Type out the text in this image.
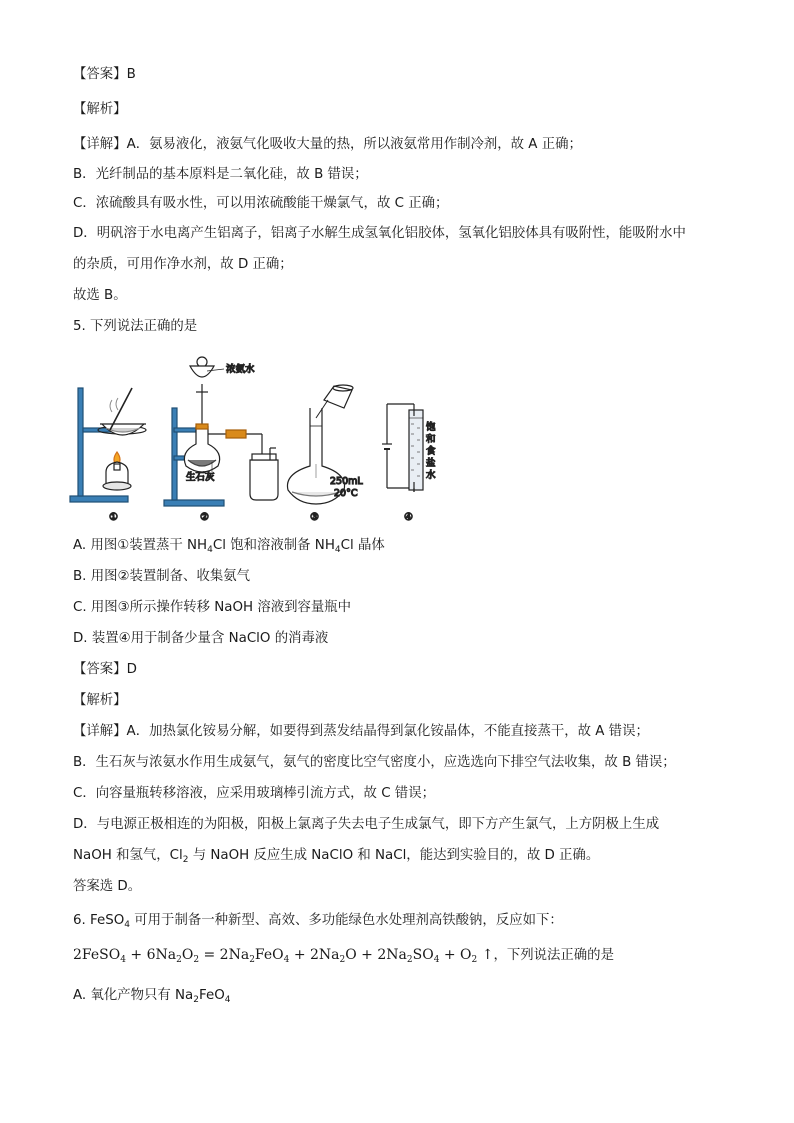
【答案】B
【解析】
【详解】A．氨易液化，液氨气化吸收大量的热，所以液氨常用作制冷剂，故 A 正确；
B．光纤制品的基本原料是二氧化硅，故 B 错误；
C．浓硫酸具有吸水性，可以用浓硫酸能干燥氯气，故 C 正确；
D．明矾溶于水电离产生铝离子，铝离子水解生成氢氧化铝胶体，氢氧化铝胶体具有吸附性，能吸附水中
的杂质，可用作净水剂，故 D 正确；
故选 B。
5. 下列说法正确的是
①
浓氨水
生石灰
②
250mL
20°C
③
饱
和
食
盐
水
④
A. 用图①装置蒸干 $NH_4Cl$ 饱和溶液制备 $NH_4Cl$ 晶体
B. 用图②装置制备、收集氨气
C. 用图③所示操作转移 NaOH 溶液到容量瓶中
D. 装置④用于制备少量含 NaClO 的消毒液
【答案】D
【解析】
【详解】A．加热氯化铵易分解，如要得到蒸发结晶得到氯化铵晶体，不能直接蒸干，故 A 错误；
B．生石灰与浓氨水作用生成氨气，氨气的密度比空气密度小，应选选向下排空气法收集，故 B 错误；
C．向容量瓶转移溶液，应采用玻璃棒引流方式，故 C 错误；
D．与电源正极相连的为阳极，阳极上氯离子失去电子生成氯气，即下方产生氯气，上方阴极上生成
NaOH 和氢气，$Cl_2$ 与 NaOH 反应生成 NaClO 和 NaCl，能达到实验目的，故 D 正确。
答案选 D。
6. FeSO$_4$ 可用于制备一种新型、高效、多功能绿色水处理剂高铁酸钠，反应如下：
2FeSO$_4$ + $6Na_2O_2 = 2Na_2FeO_4 + 2Na_2O + 2Na_2SO_4 + O_2$ ↑，下列说法正确的是
A. 氧化产物只有 $Na_2FeO_4$
